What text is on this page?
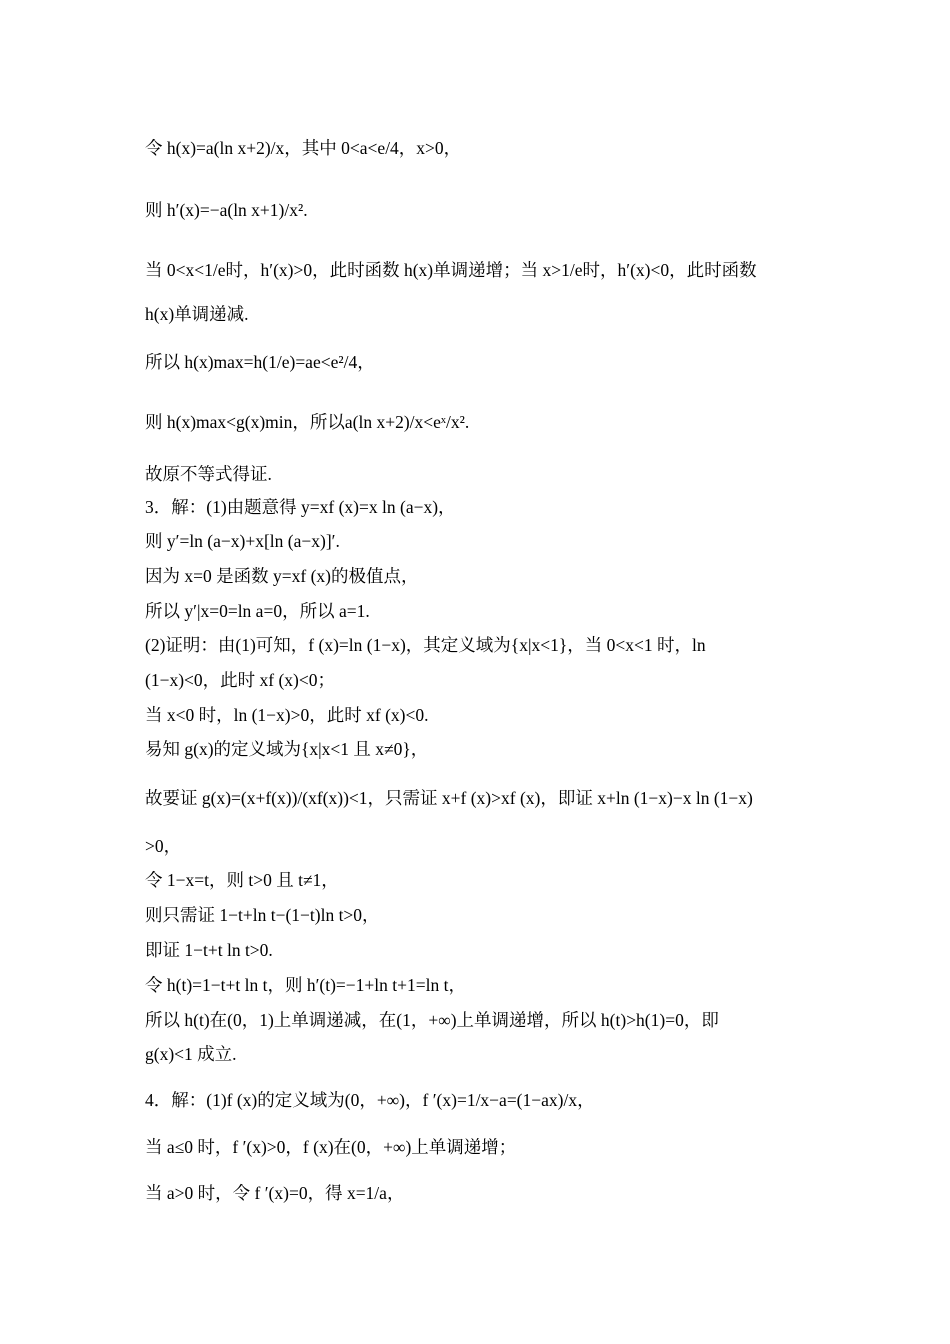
令 h(x)=a(ln x+2)/x，其中 0<a<e/4，x>0，
则 h′(x)=−a(ln x+1)/x².
当 0<x<1/e时，h′(x)>0，此时函数 h(x)单调递增；当 x>1/e时，h′(x)<0，此时函数
h(x)单调递减.
所以 h(x)max=h(1/e)=ae<e²/4，
则 h(x)max<g(x)min，所以a(ln x+2)/x<eˣ/x².
故原不等式得证.
3．解：(1)由题意得 y=xf (x)=x ln (a−x)，
则 y′=ln (a−x)+x[ln (a−x)]′.
因为 x=0 是函数 y=xf (x)的极值点，
所以 y′|x=0=ln a=0，所以 a=1.
(2)证明：由(1)可知，f (x)=ln (1−x)，其定义域为{x|x<1}，当 0<x<1 时，ln
(1−x)<0，此时 xf (x)<0；
当 x<0 时，ln (1−x)>0，此时 xf (x)<0.
易知 g(x)的定义域为{x|x<1 且 x≠0}，
故要证 g(x)=(x+f(x))/(xf(x))<1，只需证 x+f (x)>xf (x)，即证 x+ln (1−x)−x ln (1−x)
>0，
令 1−x=t，则 t>0 且 t≠1，
则只需证 1−t+ln t−(1−t)ln t>0，
即证 1−t+t ln t>0.
令 h(t)=1−t+t ln t，则 h′(t)=−1+ln t+1=ln t，
所以 h(t)在(0，1)上单调递减，在(1，+∞)上单调递增，所以 h(t)>h(1)=0，即
g(x)<1 成立.
4．解：(1)f (x)的定义域为(0，+∞)，f ′(x)=1/x−a=(1−ax)/x，
当 a≤0 时，f ′(x)>0，f (x)在(0，+∞)上单调递增；
当 a>0 时，令 f ′(x)=0，得 x=1/a，
